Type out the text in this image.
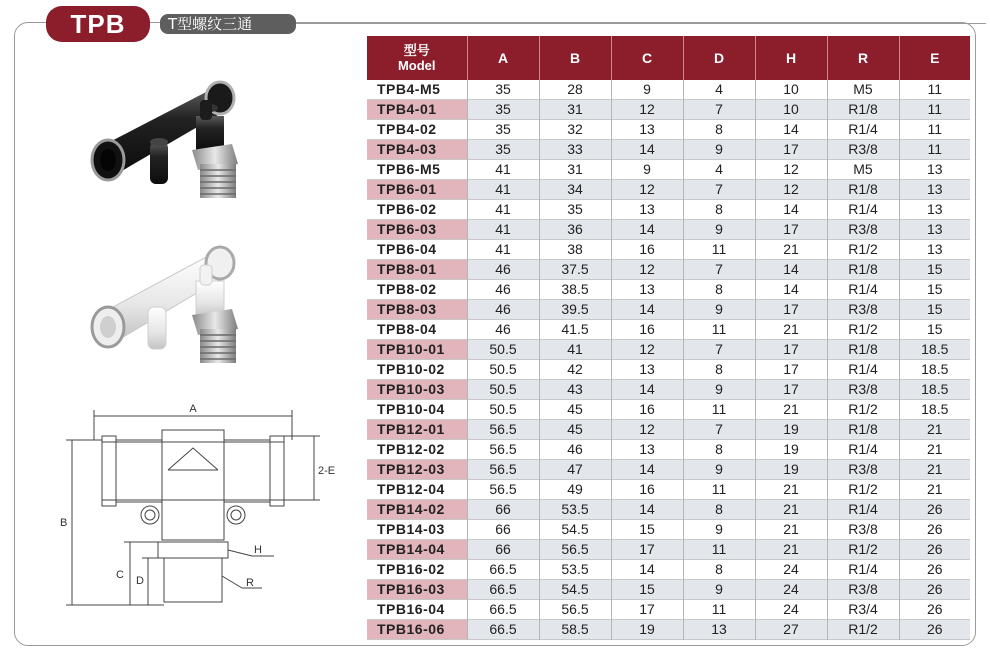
TPB	T型螺纹三通
A
B
C D
2-E
H
R
型号
Model	A	B	C	D	H	R	E
TPB4-M5	35	28	9	4	10	M5	11
TPB4-01	35	31	12	7	10	R1/8	11
TPB4-02	35	32	13	8	14	R1/4	11
TPB4-03	35	33	14	9	17	R3/8	11
TPB6-M5	41	31	9	4	12	M5	13
TPB6-01	41	34	12	7	12	R1/8	13
TPB6-02	41	35	13	8	14	R1/4	13
TPB6-03	41	36	14	9	17	R3/8	13
TPB6-04	41	38	16	11	21	R1/2	13
TPB8-01	46	37.5	12	7	14	R1/8	15
TPB8-02	46	38.5	13	8	14	R1/4	15
TPB8-03	46	39.5	14	9	17	R3/8	15
TPB8-04	46	41.5	16	11	21	R1/2	15
TPB10-01	50.5	41	12	7	17	R1/8	18.5
TPB10-02	50.5	42	13	8	17	R1/4	18.5
TPB10-03	50.5	43	14	9	17	R3/8	18.5
TPB10-04	50.5	45	16	11	21	R1/2	18.5
TPB12-01	56.5	45	12	7	19	R1/8	21
TPB12-02	56.5	46	13	8	19	R1/4	21
TPB12-03	56.5	47	14	9	19	R3/8	21
TPB12-04	56.5	49	16	11	21	R1/2	21
TPB14-02	66	53.5	14	8	21	R1/4	26
TPB14-03	66	54.5	15	9	21	R3/8	26
TPB14-04	66	56.5	17	11	21	R1/2	26
TPB16-02	66.5	53.5	14	8	24	R1/4	26
TPB16-03	66.5	54.5	15	9	24	R3/8	26
TPB16-04	66.5	56.5	17	11	24	R3/4	26
TPB16-06	66.5	58.5	19	13	27	R1/2	26
